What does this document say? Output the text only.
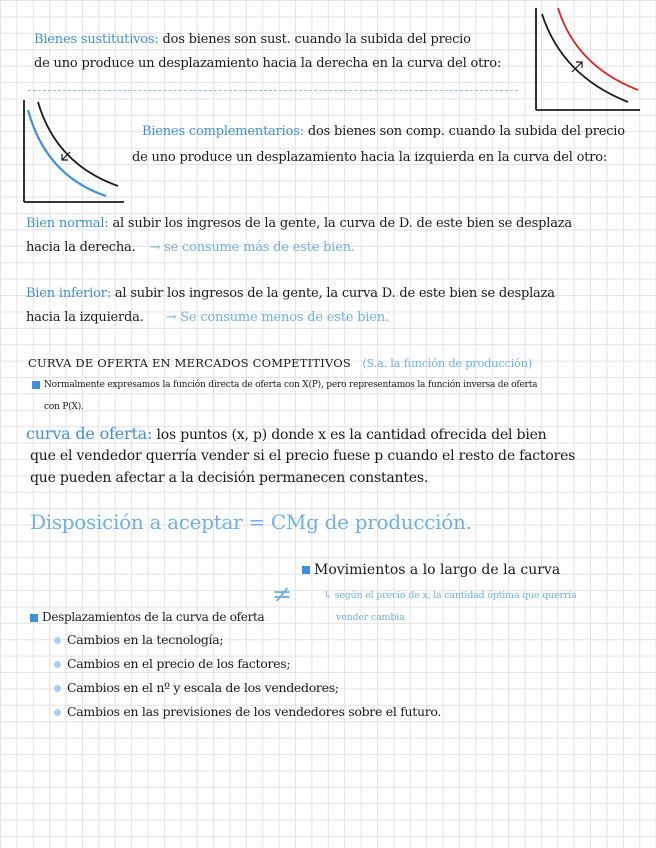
Bienes sustitutivos: dos bienes son sust. cuando la subida del precio
de uno produce un desplazamiento hacia la derecha en la curva del otro:
Bienes complementarios: dos bienes son comp. cuando la subida del precio
de uno produce un desplazamiento hacia la izquierda en la curva del otro:
Bien normal: al subir los ingresos de la gente, la curva de D. de este bien se desplaza
hacia la derecha. → se consume más de este bien.
Bien inferior: al subir los ingresos de la gente, la curva D. de este bien se desplaza
hacia la izquierda. → Se consume menos de este bien.
CURVA DE OFERTA EN MERCADOS COMPETITIVOS (S.a. la función de producción)
Normalmente expresamos la función directa de oferta con X(P), pero representamos la función inversa de oferta
con P(X).
curva de oferta: los puntos (x, p) donde x es la cantidad ofrecida del bien
que el vendedor querría vender si el precio fuese p cuando el resto de factores
que pueden afectar a la decisión permanecen constantes.
Disposición a aceptar = CMg de producción.
Movimientos a lo largo de la curva
≠	↳ según el precio de x, la cantidad óptima que querría
vender cambia
Desplazamientos de la curva de oferta
Cambios en la tecnología;
Cambios en el precio de los factores;
Cambios en el nº y escala de los vendedores;
Cambios en las previsiones de los vendedores sobre el futuro.
